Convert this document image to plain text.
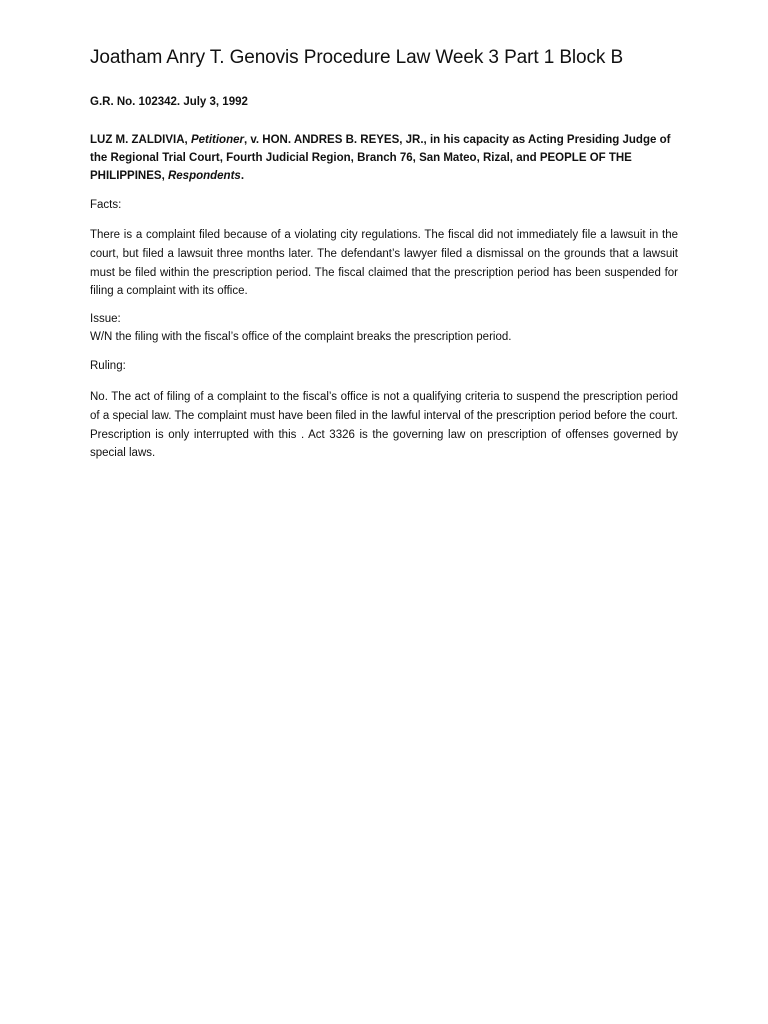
Joatham Anry T. Genovis Procedure Law Week 3 Part 1 Block B
G.R. No. 102342. July 3, 1992
LUZ M. ZALDIVIA, Petitioner, v. HON. ANDRES B. REYES, JR., in his capacity as Acting Presiding Judge of the Regional Trial Court, Fourth Judicial Region, Branch 76, San Mateo, Rizal, and PEOPLE OF THE PHILIPPINES, Respondents.
Facts:
There is a complaint filed because of a violating city regulations. The fiscal did not immediately file a lawsuit in the court, but filed a lawsuit three months later. The defendant’s lawyer filed a dismissal on the grounds that a lawsuit must be filed within the prescription period. The fiscal claimed that the prescription period has been suspended for filing a complaint with its office.
Issue:
W/N the filing with the fiscal’s office of the complaint breaks the prescription period.
Ruling:
No. The act of filing of a complaint to the fiscal’s office is not a qualifying criteria to suspend the prescription period of a special law. The complaint must have been filed in the lawful interval of the prescription period before the court. Prescription is only interrupted with this . Act 3326 is the governing law on prescription of offenses governed by special laws.
